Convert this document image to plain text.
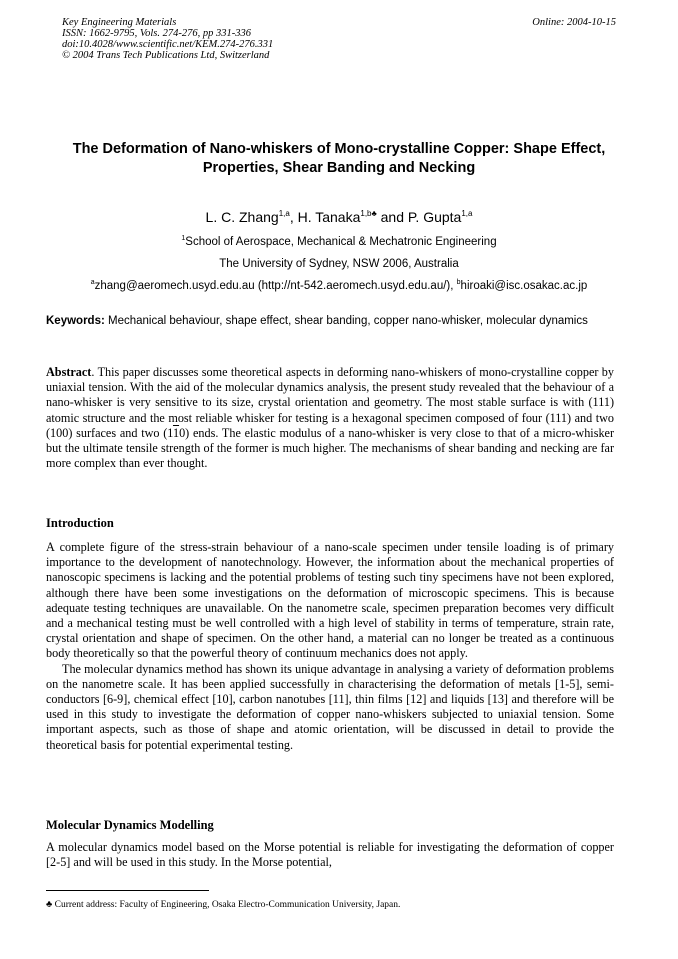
Key Engineering Materials
ISSN: 1662-9795, Vols. 274-276, pp 331-336
doi:10.4028/www.scientific.net/KEM.274-276.331
© 2004 Trans Tech Publications Ltd, Switzerland
Online: 2004-10-15
The Deformation of Nano-whiskers of Mono-crystalline Copper: Shape Effect, Properties, Shear Banding and Necking
L. C. Zhang$^{1,a}$, H. Tanaka$^{1,b♣}$ and P. Gupta$^{1,a}$
$^1$School of Aerospace, Mechanical & Mechatronic Engineering
The University of Sydney, NSW 2006, Australia
$^a$zhang@aeromech.usyd.edu.au (http://nt-542.aeromech.usyd.edu.au/), $^b$hiroaki@isc.osakac.ac.jp
Keywords: Mechanical behaviour, shape effect, shear banding, copper nano-whisker, molecular dynamics
Abstract. This paper discusses some theoretical aspects in deforming nano-whiskers of mono-crystalline copper by uniaxial tension. With the aid of the molecular dynamics analysis, the present study revealed that the behaviour of a nano-whisker is very sensitive to its size, crystal orientation and geometry. The most stable surface is with (111) atomic structure and the most reliable whisker for testing is a hexagonal specimen composed of four (111) and two (100) surfaces and two (110) ends. The elastic modulus of a nano-whisker is very close to that of a micro-whisker but the ultimate tensile strength of the former is much higher. The mechanisms of shear banding and necking are far more complex than ever thought.
Introduction
A complete figure of the stress-strain behaviour of a nano-scale specimen under tensile loading is of primary importance to the development of nanotechnology. However, the information about the mechanical properties of nanoscopic specimens is lacking and the potential problems of testing such tiny specimens have not been explored, although there have been some investigations on the deformation of microscopic specimens. This is because adequate testing techniques are unavailable. On the nanometre scale, specimen preparation becomes very difficult and a mechanical testing must be well controlled with a high level of stability in terms of temperature, strain rate, crystal orientation and shape of specimen. On the other hand, a material can no longer be treated as a continuous body theoretically so that the powerful theory of continuum mechanics does not apply.
The molecular dynamics method has shown its unique advantage in analysing a variety of deformation problems on the nanometre scale. It has been applied successfully in characterising the deformation of metals [1-5], semi-conductors [6-9], chemical effect [10], carbon nanotubes [11], thin films [12] and liquids [13] and therefore will be used in this study to investigate the deformation of copper nano-whiskers subjected to uniaxial tension. Some important aspects, such as those of shape and atomic orientation, will be discussed in detail to provide the theoretical basis for potential experimental testing.
Molecular Dynamics Modelling
A molecular dynamics model based on the Morse potential is reliable for investigating the deformation of copper [2-5] and will be used in this study. In the Morse potential,
♣ Current address: Faculty of Engineering, Osaka Electro-Communication University, Japan.
